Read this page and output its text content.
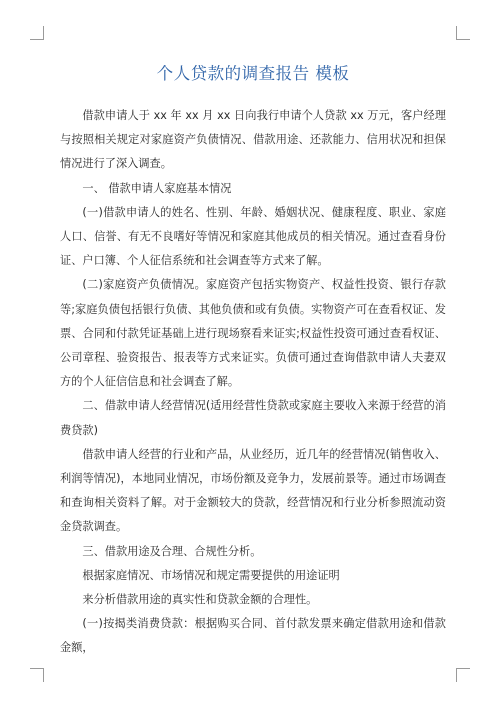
个人贷款的调查报告 模板

借款申请人于 xx 年 xx 月 xx 日向我行申请个人贷款 xx 万元，客户经理与按照相关规定对家庭资产负债情况、借款用途、还款能力、信用状况和担保情况进行了深入调查。

一、 借款申请人家庭基本情况

(一)借款申请人的姓名、性别、年龄、婚姻状况、健康程度、职业、家庭人口、信誉、有无不良嗜好等情况和家庭其他成员的相关情况。通过查看身份证、户口簿、个人征信系统和社会调查等方式来了解。

(二)家庭资产负债情况。家庭资产包括实物资产、权益性投资、银行存款等;家庭负债包括银行负债、其他负债和或有负债。实物资产可在查看权证、发票、合同和付款凭证基础上进行现场察看来证实;权益性投资可通过查看权证、公司章程、验资报告、报表等方式来证实。负债可通过查询借款申请人夫妻双方的个人征信信息和社会调查了解。

二、借款申请人经营情况(适用经营性贷款或家庭主要收入来源于经营的消费贷款)

借款申请人经营的行业和产品，从业经历，近几年的经营情况(销售收入、利润等情况)，本地同业情况，市场份额及竞争力，发展前景等。通过市场调查和查询相关资料了解。对于金额较大的贷款，经营情况和行业分析参照流动资金贷款调查。

三、借款用途及合理、合规性分析。

根据家庭情况、市场情况和规定需要提供的用途证明

来分析借款用途的真实性和贷款金额的合理性。

(一)按揭类消费贷款：根据购买合同、首付款发票来确定借款用途和借款金额，
